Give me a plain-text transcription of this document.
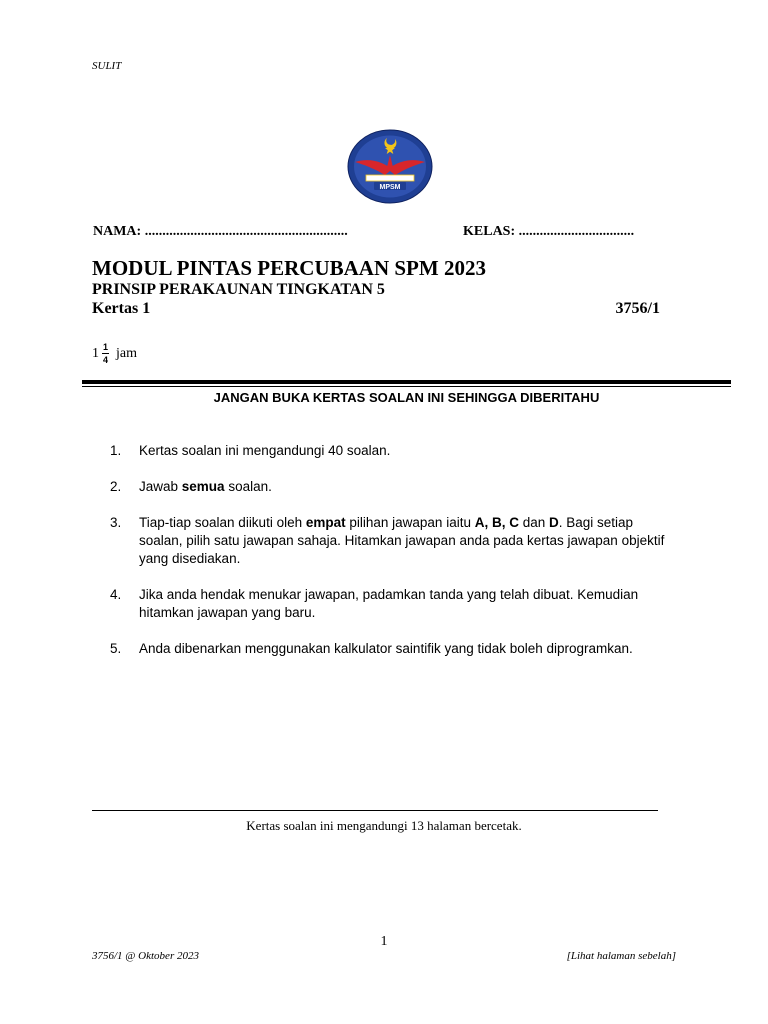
SULIT
MPSM
NAMA: ..........................................................	KELAS: .................................
MODUL PINTAS PERCUBAAN SPM 2023
PRINSIP PERAKAUNAN TINGKATAN 5
Kertas 1	3756/1
$1 \frac{1}{4}$ jam
JANGAN BUKA KERTAS SOALAN INI SEHINGGA DIBERITAHU
1.	Kertas soalan ini mengandungi 40 soalan.
2.	Jawab semua soalan.
3.	Tiap-tiap soalan diikuti oleh empat pilihan jawapan iaitu A, B, C dan D. Bagi setiap soalan, pilih satu jawapan sahaja. Hitamkan jawapan anda pada kertas jawapan objektif yang disediakan.
4.	Jika anda hendak menukar jawapan, padamkan tanda yang telah dibuat. Kemudian hitamkan jawapan yang baru.
5.	Anda dibenarkan menggunakan kalkulator saintifik yang tidak boleh diprogramkan.
Kertas soalan ini mengandungi 13 halaman bercetak.
1
3756/1 @ Oktober 2023	[Lihat halaman sebelah]
